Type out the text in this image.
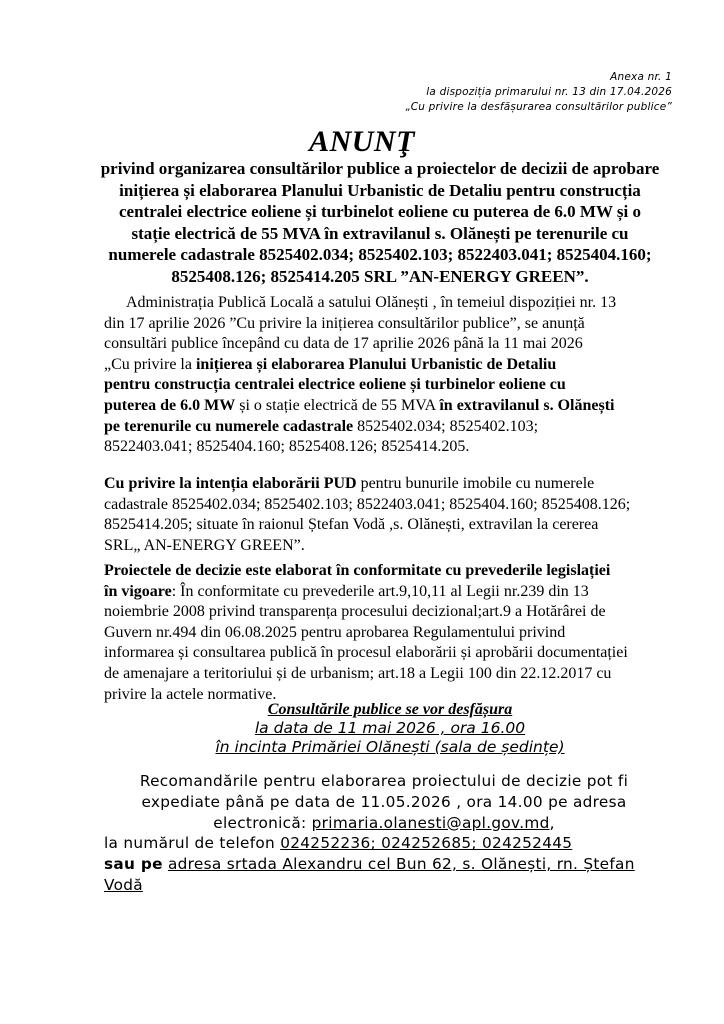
Anexa nr. 1
la dispoziția primarului nr. 13 din 17.04.2026
„Cu privire la desfășurarea consultărilor publice”
ANUNŢ
privind organizarea consultărilor publice a proiectelor de decizii de aprobare
inițierea și elaborarea Planului Urbanistic de Detaliu pentru construcția
centralei electrice eoliene și turbinelot eoliene cu puterea de 6.0 MW și o
stație electrică de 55 MVA în extravilanul s. Olănești pe terenurile cu
numerele cadastrale 8525402.034; 8525402.103; 8522403.041; 8525404.160;
8525408.126; 8525414.205 SRL ”AN-ENERGY GREEN”.
Administrația Publică Locală a satului Olănești , în temeiul dispoziției nr. 13
din 17 aprilie 2026 ”Cu privire la inițierea consultărilor publice”, se anunță
consultări publice începând cu data de 17 aprilie 2026 până la 11 mai 2026
„Cu privire la inițierea și elaborarea Planului Urbanistic de Detaliu
pentru construcția centralei electrice eoliene și turbinelor eoliene cu
puterea de 6.0 MW și o stație electrică de 55 MVA în extravilanul s. Olănești
pe terenurile cu numerele cadastrale 8525402.034; 8525402.103;
8522403.041; 8525404.160; 8525408.126; 8525414.205.
Cu privire la intenția elaborării PUD pentru bunurile imobile cu numerele
cadastrale 8525402.034; 8525402.103; 8522403.041; 8525404.160; 8525408.126;
8525414.205; situate în raionul Ștefan Vodă ,s. Olănești, extravilan la cererea
SRL„ AN-ENERGY GREEN”.
Proiectele de decizie este elaborat în conformitate cu prevederile legislației
în vigoare: În conformitate cu prevederile art.9,10,11 al Legii nr.239 din 13
noiembrie 2008 privind transparența procesului decizional;art.9 a Hotărârei de
Guvern nr.494 din 06.08.2025 pentru aprobarea Regulamentului privind
informarea și consultarea publică în procesul elaborării și aprobării documentației
de amenajare a teritoriului și de urbanism; art.18 a Legii 100 din 22.12.2017 cu
privire la actele normative.
Consultările publice se vor desfășura
la data de 11 mai 2026 , ora 16.00
în incinta Primăriei Olănești (sala de ședințe)
Recomandările pentru elaborarea proiectului de decizie pot fi
expediate până pe data de 11.05.2026 , ora 14.00 pe adresa
electronică: primaria.olanesti@apl.gov.md,
la numărul de telefon 024252236; 024252685; 024252445
sau pe adresa srtada Alexandru cel Bun 62, s. Olănești, rn. Ștefan
Vodă
